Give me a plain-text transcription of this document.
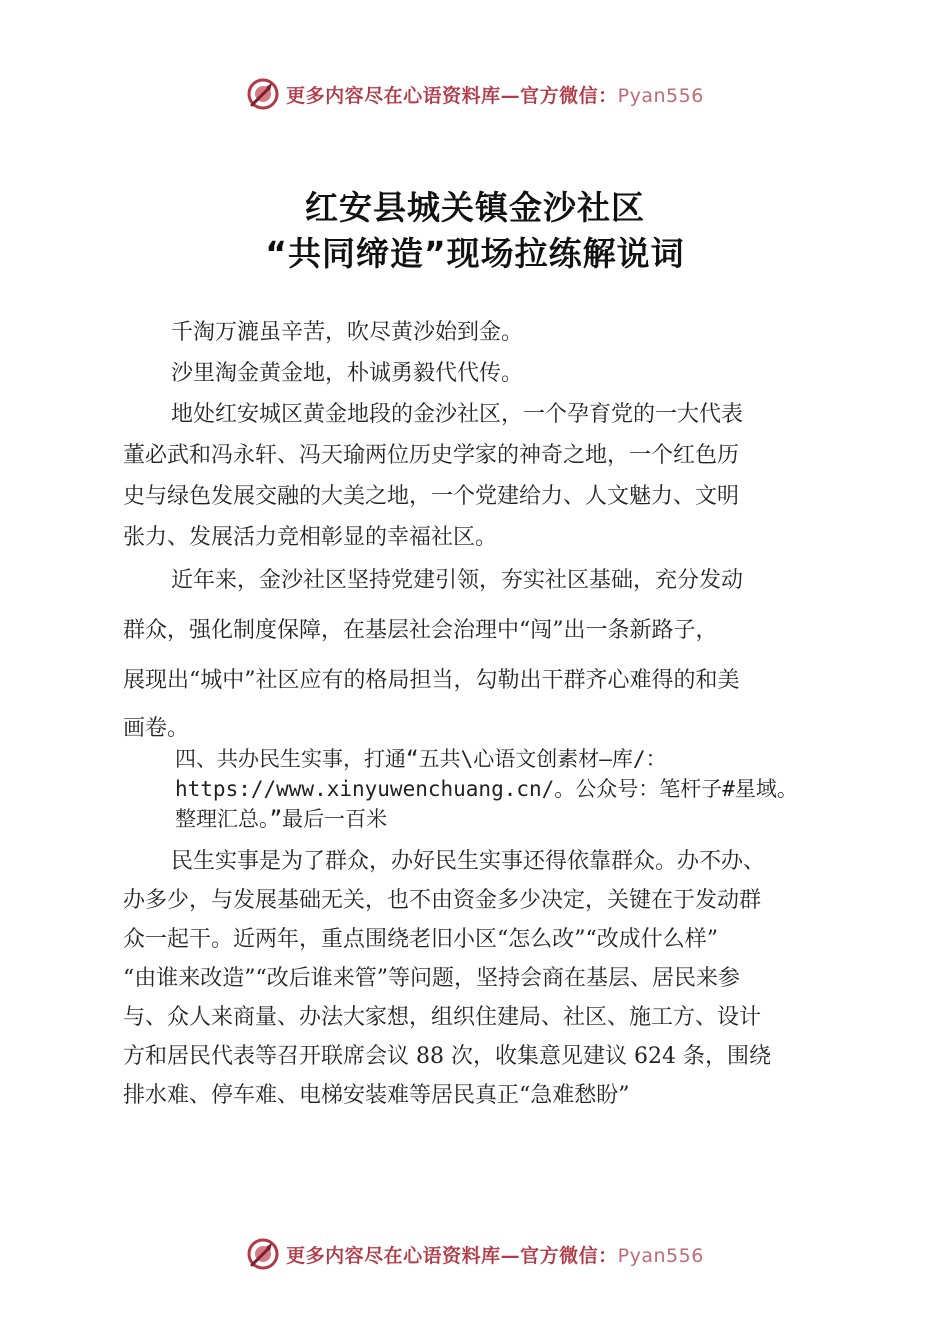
更多内容尽在心语资料库—官方微信：Pyan556
红安县城关镇金沙社区
“共同缔造”现场拉练解说词
千淘万漉虽辛苦，吹尽黄沙始到金。
沙里淘金黄金地，朴诚勇毅代代传。
地处红安城区黄金地段的金沙社区，一个孕育党的一大代表
董必武和冯永轩、冯天瑜两位历史学家的神奇之地，一个红色历
史与绿色发展交融的大美之地，一个党建给力、人文魅力、文明
张力、发展活力竞相彰显的幸福社区。
近年来，金沙社区坚持党建引领，夯实社区基础，充分发动
群众，强化制度保障，在基层社会治理中“闯”出一条新路子，
展现出“城中”社区应有的格局担当，勾勒出干群齐心难得的和美
画卷。
四、共办民生实事，打通“五共\心语文创素材—库/：
https://www.xinyuwenchuang.cn/。公众号：笔杆子#星域。
整理汇总。”最后一百米
民生实事是为了群众，办好民生实事还得依靠群众。办不办、
办多少，与发展基础无关，也不由资金多少决定，关键在于发动群
众一起干。近两年，重点围绕老旧小区“怎么改”“改成什么样”
“由谁来改造”“改后谁来管”等问题，坚持会商在基层、居民来参
与、众人来商量、办法大家想，组织住建局、社区、施工方、设计
方和居民代表等召开联席会议 88 次，收集意见建议 624 条，围绕
排水难、停车难、电梯安装难等居民真正“急难愁盼”
更多内容尽在心语资料库—官方微信：Pyan556
